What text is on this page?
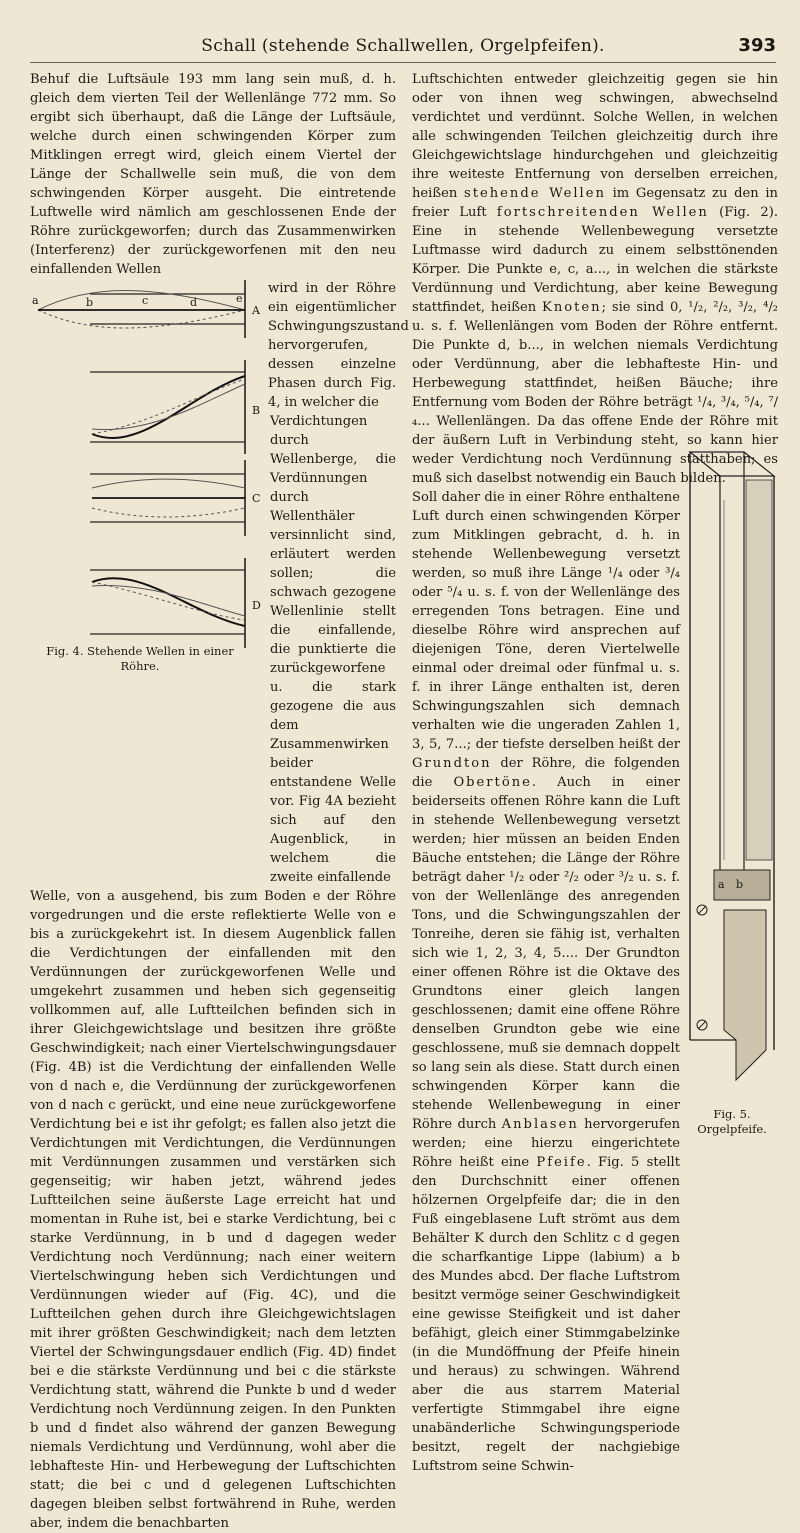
Schall (stehende Schallwellen, Orgelpfeifen).	393

Behuf die Luftsäule 193 mm lang sein muß, d. h. gleich dem vierten Teil der Wellenlänge 772 mm. So ergibt sich überhaupt, daß die Länge der Luftsäule, welche durch einen schwingenden Körper zum Mitklingen erregt wird, gleich einem Viertel der Länge der Schallwelle sein muß, die von dem schwingenden Körper ausgeht. Die eintretende Luftwelle wird nämlich am geschlossenen Ende der Röhre zurückgeworfen; durch das Zusammenwirken (Interferenz) der zurückgeworfenen mit den neu einfallenden Wellen

wird in der Röhre ein eigentümlicher Schwingungszustand hervorgerufen, dessen einzelne Phasen durch Fig. 4, in welcher die
Verdichtungen durch Wellenberge, die Verdünnungen durch Wellenthäler versinnlicht sind, erläutert werden sollen; die schwach gezogene Wellenlinie stellt die einfallende, die punktierte die zurückgeworfene u. die stark gezogene die aus dem Zusammenwirken beider entstandene Welle vor. Fig 4A bezieht sich auf den Augenblick, in welchem die zweite einfallende

Welle, von a ausgehend, bis zum Boden e der Röhre vorgedrungen und die erste reflektierte Welle von e bis a zurückgekehrt ist. In diesem Augenblick fallen die Verdichtungen der einfallenden mit den Verdünnungen der zurückgeworfenen Welle und umgekehrt zusammen und heben sich gegenseitig vollkommen auf, alle Luftteilchen befinden sich in ihrer Gleichgewichtslage und besitzen ihre größte Geschwindigkeit; nach einer Viertelschwingungsdauer (Fig. 4B) ist die Verdichtung der einfallenden Welle von d nach e, die Verdünnung der zurückgeworfenen von d nach c gerückt, und eine neue zurückgeworfene Verdichtung bei e ist ihr gefolgt; es fallen also jetzt die Verdichtungen mit Verdichtungen, die Verdünnungen mit Verdünnungen zusammen und verstärken sich gegenseitig; wir haben jetzt, während jedes Luftteilchen seine äußerste Lage erreicht hat und momentan in Ruhe ist, bei e starke Verdichtung, bei c starke Verdünnung, in b und d dagegen weder Verdichtung noch Verdünnung; nach einer weitern Viertelschwingung heben sich Verdichtungen und Verdünnungen wieder auf (Fig. 4C), und die Luftteilchen gehen durch ihre Gleichgewichtslagen mit ihrer größten Geschwindigkeit; nach dem letzten Viertel der Schwingungsdauer endlich (Fig. 4D) findet bei e die stärkste Verdünnung und bei c die stärkste Verdichtung statt, während die Punkte b und d weder Verdichtung noch Verdünnung zeigen. In den Punkten b und d findet also während der ganzen Bewegung niemals Verdichtung und Verdünnung, wohl aber die lebhafteste Hin- und Herbewegung der Luftschichten statt; die bei c und d gelegenen Luftschichten dagegen bleiben selbst fortwährend in Ruhe, werden aber, indem die benachbarten

a	b	c	d	e
A
B
C
D
Fig. 4. Stehende Wellen in einer Röhre.

Luftschichten entweder gleichzeitig gegen sie hin oder von ihnen weg schwingen, abwechselnd verdichtet und verdünnt. Solche Wellen, in welchen alle schwingenden Teilchen gleichzeitig durch ihre Gleichgewichtslage hindurchgehen und gleichzeitig ihre weiteste Entfernung von derselben erreichen, heißen stehende Wellen im Gegensatz zu den in freier Luft fortschreitenden Wellen (Fig. 2). Eine in stehende Wellenbewegung versetzte Luftmasse wird dadurch zu einem selbsttönenden Körper. Die Punkte e, c, a..., in welchen die stärkste Verdünnung und Verdichtung, aber keine Bewegung stattfindet, heißen Knoten; sie sind 0, ¹/₂, ²/₂, ³/₂, ⁴/₂ u. s. f. Wellenlängen vom Boden der Röhre entfernt. Die Punkte d, b..., in welchen niemals Verdichtung oder Verdünnung, aber die lebhafteste Hin- und Herbewegung stattfindet, heißen Bäuche; ihre Entfernung vom Boden der Röhre beträgt ¹/₄, ³/₄, ⁵/₄, ⁷/₄... Wellenlängen. Da das offene Ende der Röhre mit der äußern Luft in Verbindung steht, so kann hier weder Verdichtung noch Verdünnung statthaben; es muß sich daselbst notwendig ein Bauch bilden.

Soll daher die in einer Röhre enthaltene Luft durch einen schwingenden Körper zum Mitklingen gebracht, d. h. in stehende Wellenbewegung versetzt werden, so muß ihre Länge ¹/₄ oder ³/₄ oder ⁵/₄ u. s. f. von der Wellenlänge des erregenden Tons betragen. Eine und dieselbe Röhre wird ansprechen auf diejenigen Töne, deren Viertelwelle einmal oder dreimal oder fünfmal u. s. f. in ihrer Länge enthalten ist, deren Schwingungszahlen sich demnach verhalten wie die ungeraden Zahlen 1, 3, 5, 7...; der tiefste derselben heißt der Grundton der Röhre, die folgenden die Obertöne. Auch in einer beiderseits offenen Röhre kann die Luft in stehende Wellenbewegung versetzt werden; hier müssen an beiden Enden Bäuche entstehen; die Länge der Röhre beträgt daher ¹/₂ oder ²/₂ oder ³/₂ u. s. f. von der Wellenlänge des anregenden Tons, und die Schwingungszahlen der Tonreihe, deren sie fähig ist, verhalten sich wie 1, 2, 3, 4, 5.... Der Grundton einer offenen Röhre ist die Oktave des Grundtons einer gleich langen geschlossenen; damit eine offene Röhre denselben Grundton gebe wie eine geschlossene, muß sie demnach doppelt so lang sein als diese. Statt durch einen schwingenden Körper kann die stehende Wellenbewegung in einer Röhre durch Anblasen hervorgerufen werden; eine hierzu eingerichtete Röhre heißt eine Pfeife. Fig. 5 stellt den Durchschnitt einer offenen hölzernen Orgelpfeife dar; die in den Fuß eingeblasene Luft strömt aus dem Behälter K durch den Schlitz c d gegen die scharfkantige Lippe (labium) a b des Mundes abcd. Der flache Luftstrom besitzt vermöge seiner Geschwindigkeit eine gewisse Steifigkeit und ist daher befähigt, gleich einer Stimmgabelzinke (in die Mundöffnung der Pfeife hinein und heraus) zu schwingen. Während aber die aus starrem Material verfertigte Stimmgabel ihre eigne unabänderliche Schwingungsperiode besitzt, regelt der nachgiebige Luftstrom seine Schwin-

a b
Fig. 5. Orgelpfeife.
